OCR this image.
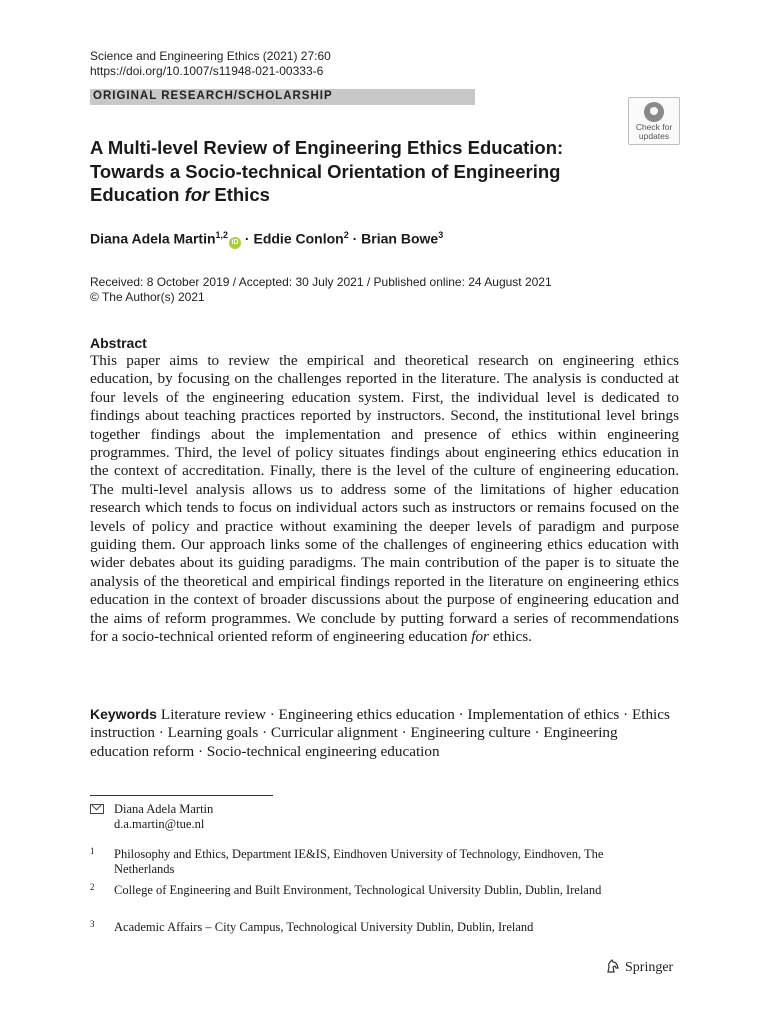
Science and Engineering Ethics (2021) 27:60
https://doi.org/10.1007/s11948-021-00333-6
ORIGINAL RESEARCH/SCHOLARSHIP
Check for
updates
A Multi-level Review of Engineering Ethics Education: Towards a Socio-technical Orientation of Engineering Education for Ethics
Diana Adela Martin$^{1,2}$iD · Eddie Conlon$^2$ · Brian Bowe$^3$
Received: 8 October 2019 / Accepted: 30 July 2021 / Published online: 24 August 2021
© The Author(s) 2021
Abstract
This paper aims to review the empirical and theoretical research on engineering ethics education, by focusing on the challenges reported in the literature. The analysis is conducted at four levels of the engineering education system. First, the individual level is dedicated to findings about teaching practices reported by instructors. Second, the institutional level brings together findings about the implementation and presence of ethics within engineering programmes. Third, the level of policy situates findings about engineering ethics education in the context of accreditation. Finally, there is the level of the culture of engineering education. The multi-level analysis allows us to address some of the limitations of higher education research which tends to focus on individual actors such as instructors or remains focused on the levels of policy and practice without examining the deeper levels of paradigm and purpose guiding them. Our approach links some of the challenges of engineering ethics education with wider debates about its guiding paradigms. The main contribution of the paper is to situate the analysis of the theoretical and empirical findings reported in the literature on engineering ethics education in the context of broader discussions about the purpose of engineering education and the aims of reform programmes. We conclude by putting forward a series of recommendations for a socio-technical oriented reform of engineering education for ethics.
Keywords Literature review · Engineering ethics education · Implementation of ethics · Ethics instruction · Learning goals · Curricular alignment · Engineering culture · Engineering education reform · Socio-technical engineering education
Diana Adela Martin
d.a.martin@tue.nl
1 Philosophy and Ethics, Department IE&IS, Eindhoven University of Technology, Eindhoven, The Netherlands
2 College of Engineering and Built Environment, Technological University Dublin, Dublin, Ireland
3 Academic Affairs – City Campus, Technological University Dublin, Dublin, Ireland
Springer
